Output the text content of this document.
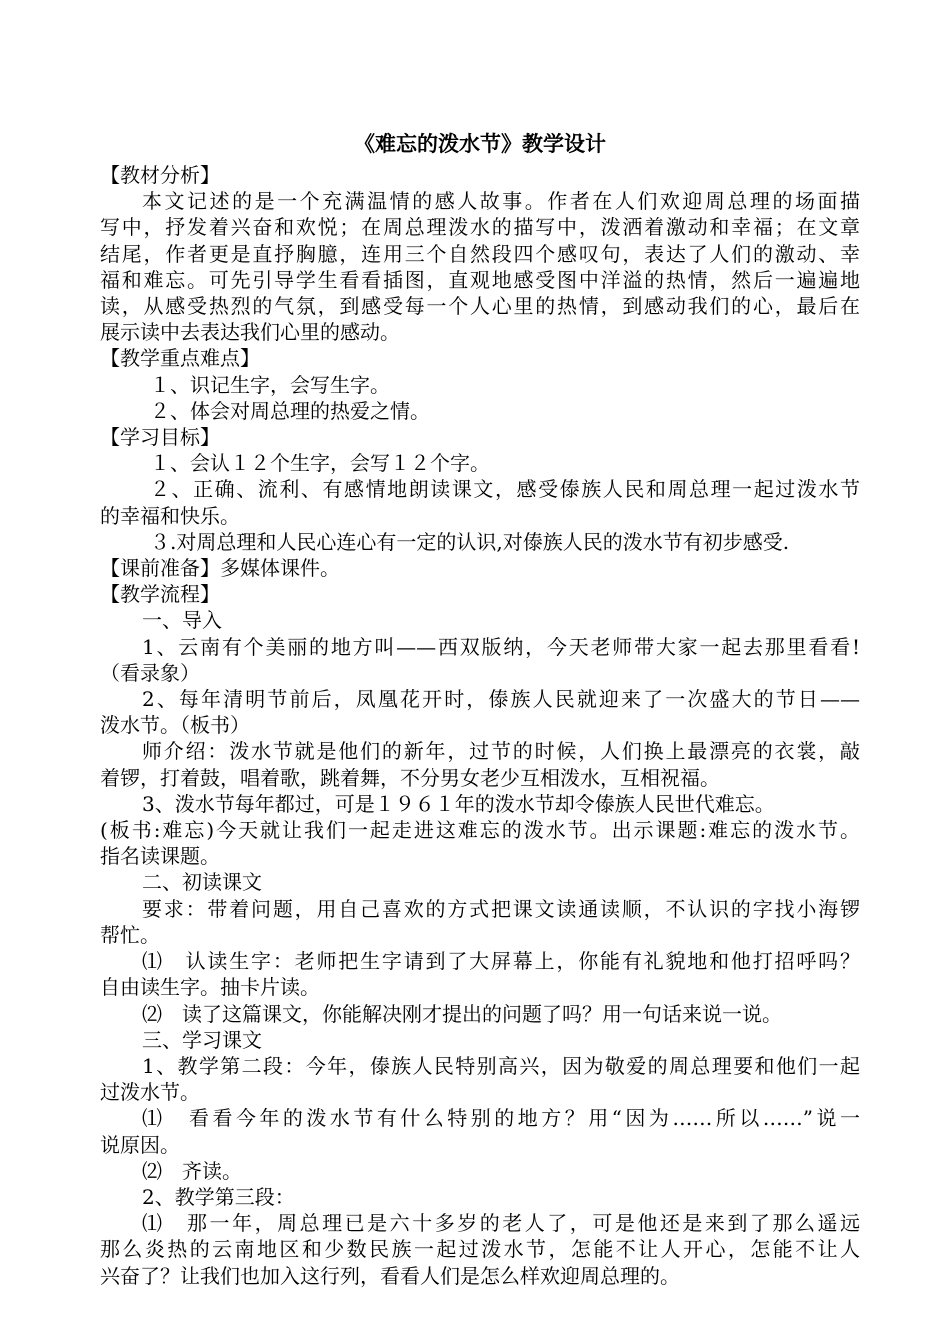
《难忘的泼水节》教学设计
【教材分析】
本文记述的是一个充满温情的感人故事。作者在人们欢迎周总理的场面描
写中，抒发着兴奋和欢悦；在周总理泼水的描写中，泼洒着激动和幸福；在文章
结尾，作者更是直抒胸臆，连用三个自然段四个感叹句，表达了人们的激动、幸
福和难忘。可先引导学生看看插图，直观地感受图中洋溢的热情，然后一遍遍地
读，从感受热烈的气氛，到感受每一个人心里的热情，到感动我们的心，最后在
展示读中去表达我们心里的感动。
【教学重点难点】
１、识记生字，会写生字。
２、体会对周总理的热爱之情。
【学习目标】
１、会认１２个生字，会写１２个字。
２、正确、流利、有感情地朗读课文，感受傣族人民和周总理一起过泼水节
的幸福和快乐。
３.对周总理和人民心连心有一定的认识,对傣族人民的泼水节有初步感受.
【课前准备】多媒体课件。
【教学流程】
一、导入
1、云南有个美丽的地方叫——西双版纳，今天老师带大家一起去那里看看!
（看录象）
2、每年清明节前后，凤凰花开时，傣族人民就迎来了一次盛大的节日——
泼水节。（板书）
师介绍：泼水节就是他们的新年，过节的时候，人们换上最漂亮的衣裳，敲
着锣，打着鼓，唱着歌，跳着舞，不分男女老少互相泼水，互相祝福。
3、泼水节每年都过，可是１９６１年的泼水节却令傣族人民世代难忘。
(板书:难忘)今天就让我们一起走进这难忘的泼水节。出示课题:难忘的泼水节。
指名读课题。
二、初读课文
要求：带着问题，用自己喜欢的方式把课文读通读顺，不认识的字找小海锣
帮忙。
⑴　认读生字：老师把生字请到了大屏幕上，你能有礼貌地和他打招呼吗？
自由读生字。抽卡片读。
⑵　读了这篇课文，你能解决刚才提出的问题了吗？用一句话来说一说。
三、学习课文
1、教学第二段：今年，傣族人民特别高兴，因为敬爱的周总理要和他们一起
过泼水节。
⑴　看看今年的泼水节有什么特别的地方？用“因为……所以……”说一
说原因。
⑵　齐读。
2、教学第三段：
⑴　那一年，周总理已是六十多岁的老人了，可是他还是来到了那么遥远
那么炎热的云南地区和少数民族一起过泼水节，怎能不让人开心，怎能不让人
兴奋了？让我们也加入这行列，看看人们是怎么样欢迎周总理的。
